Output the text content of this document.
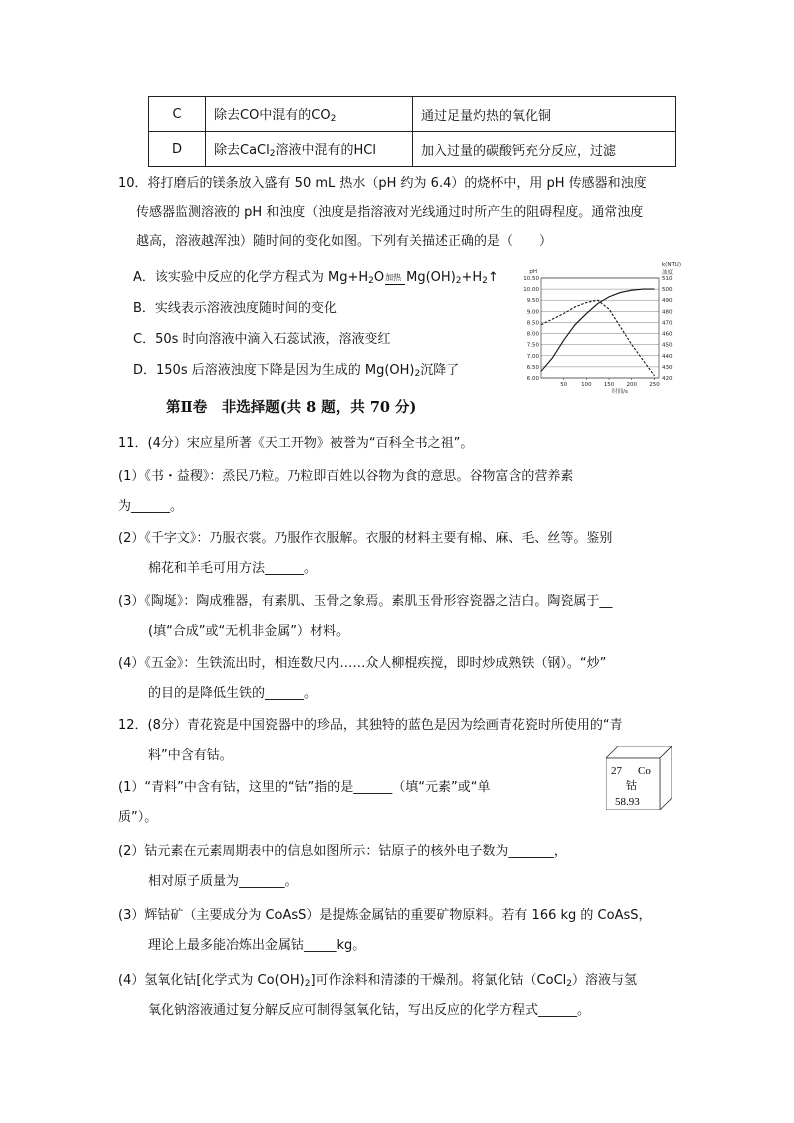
C	除去CO中混有的$CO_2$	通过足量灼热的氧化铜
D	除去CaCl$_2$溶液中混有的HCl	加入过量的碳酸钙充分反应，过滤
10．将打磨后的镁条放入盛有 50 mL 热水（pH 约为 6.4）的烧杯中，用 pH 传感器和浊度
传感器监测溶液的 pH 和浊度（浊度是指溶液对光线通过时所产生的阻碍程度。通常浊度
越高，溶液越浑浊）随时间的变化如图。下列有关描述正确的是（　　）
A．该实验中反应的化学方程式为 $Mg+H_2O$ 加热 $Mg(OH)_2+H_2↑$
B．实线表示溶液浊度随时间的变化
C．50s 时向溶液中滴入石蕊试液，溶液变红
D．150s 后溶液浊度下降是因为生成的 $Mg(OH)_2$沉降了
6.00
6.50
7.00
7.50
8.00
8.50
9.00
9.50
10.00
10.50
420
430
440
450
460
470
480
490
500
510
50	100 150 200 250
pH
k(NTU)
浊度
时间/s
第Ⅱ卷　非选择题(共 8 题，共 70 分)
11．(4分）宋应星所著《天工开物》被誉为“百科全书之祖”。
(1）《书・益稷》：烝民乃粒。乃粒即百姓以谷物为食的意思。谷物富含的营养素
为______。
(2）《千字文》：乃服衣裳。乃服作衣服解。衣服的材料主要有棉、麻、毛、丝等。鉴别
棉花和羊毛可用方法______。
(3）《陶埏》：陶成雅器，有素肌、玉骨之象焉。素肌玉骨形容瓷器之洁白。陶瓷属于__
(填“合成”或“无机非金属”）材料。
(4）《五金》：生铁流出时，相连数尺内……众人柳棍疾搅，即时炒成熟铁（钢）。“炒”
的目的是降低生铁的______。
12．(8分）青花瓷是中国瓷器中的珍品，其独特的蓝色是因为绘画青花瓷时所使用的“青
料”中含有钴。
(1）“青料”中含有钴，这里的“钴”指的是______（填“元素”或“单
质”）。
(2）钴元素在元素周期表中的信息如图所示：钴原子的核外电子数为_______，
相对原子质量为_______。
(3）辉钴矿（主要成分为 CoAsS）是提炼金属钴的重要矿物原料。若有 166 kg 的 CoAsS，
理论上最多能冶炼出金属钴_____kg。
(4）氢氧化钴[化学式为 $Co(OH)_2$]可作涂料和清漆的干燥剂。将氯化钴（CoCl$_2$）溶液与氢
氧化钠溶液通过复分解反应可制得氢氧化钴，写出反应的化学方程式______。
27 Co
钴
58.93
